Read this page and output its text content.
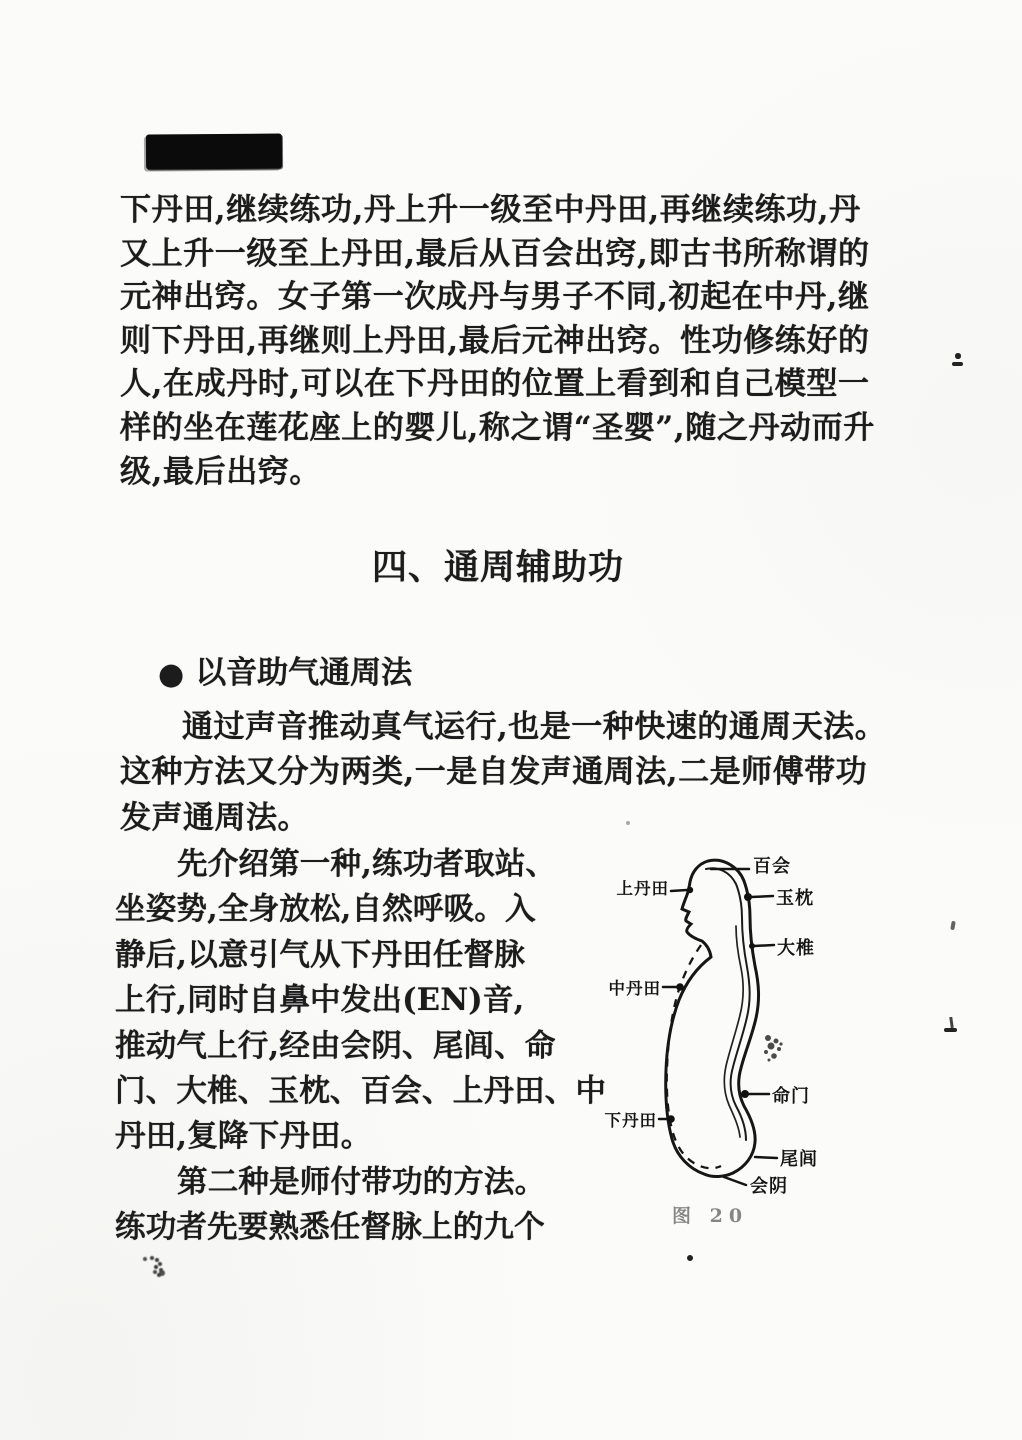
下丹田,继续练功,丹上升一级至中丹田,再继续练功,丹
又上升一级至上丹田,最后从百会出窍,即古书所称谓的
元神出窍。女子第一次成丹与男子不同,初起在中丹,继
则下丹田,再继则上丹田,最后元神出窍。性功修练好的
人,在成丹时,可以在下丹田的位置上看到和自己模型一
样的坐在莲花座上的婴儿,称之谓“圣婴”,随之丹动而升
级,最后出窍。
四、通周辅助功
● 以音助气通周法
通过声音推动真气运行,也是一种快速的通周天法。
这种方法又分为两类,一是自发声通周法,二是师傅带功
发声通周法。
先介绍第一种,练功者取站、
坐姿势,全身放松,自然呼吸。入
静后,以意引气从下丹田任督脉
上行,同时自鼻中发出(EN)音,
推动气上行,经由会阴、尾闾、命
门、大椎、玉枕、百会、上丹田、中
丹田,复降下丹田。
第二种是师付带功的方法。
练功者先要熟悉任督脉上的九个
百会
上丹田	玉枕
大椎
中丹田
命门
下丹田
尾闾
会阴
图 20
